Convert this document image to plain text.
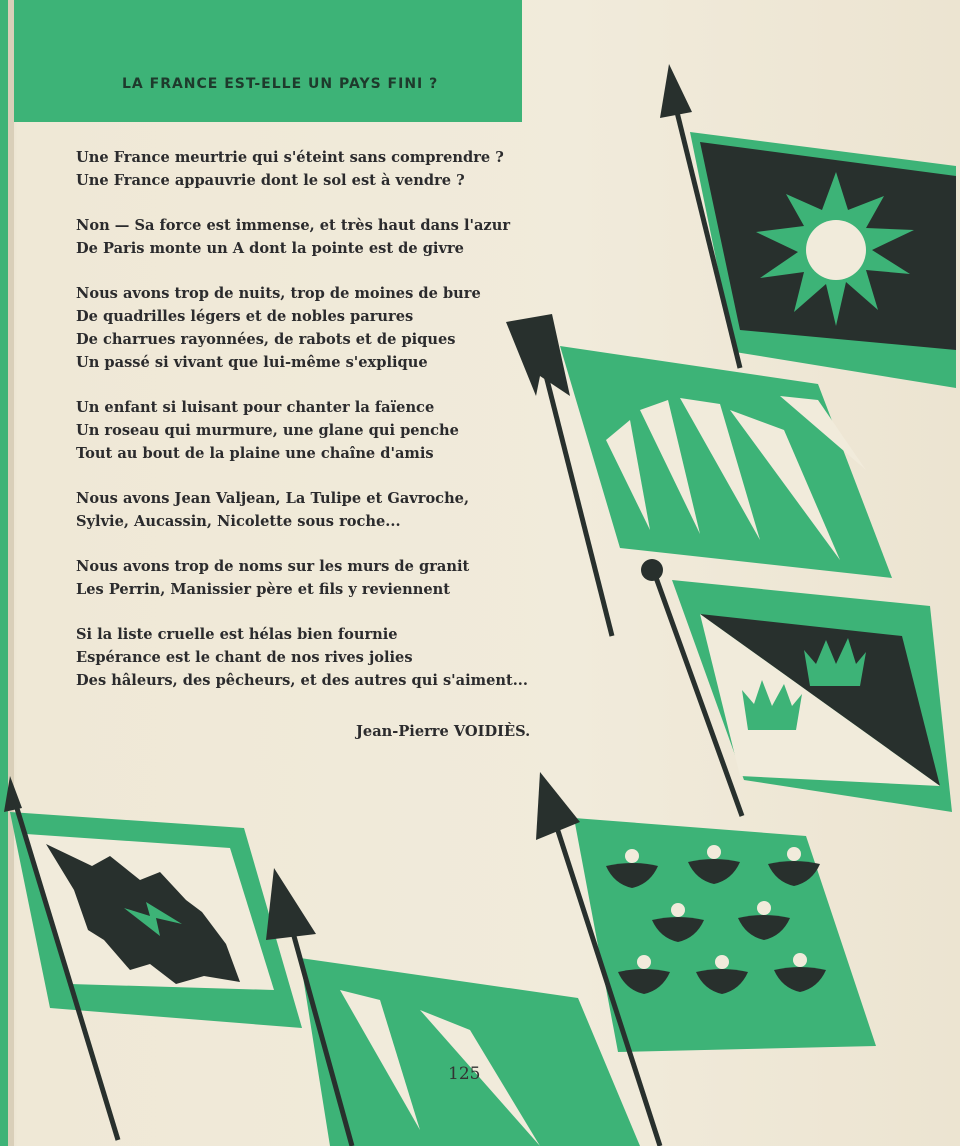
LA FRANCE EST-ELLE UN PAYS FINI ?

Une France meurtrie qui s'éteint sans comprendre ?
Une France appauvrie dont le sol est à vendre ?

Non — Sa force est immense, et très haut dans l'azur
De Paris monte un A dont la pointe est de givre

Nous avons trop de nuits, trop de moines de bure
De quadrilles légers et de nobles parures
De charrues rayonnées, de rabots et de piques
Un passé si vivant que lui-même s'explique

Un enfant si luisant pour chanter la faïence
Un roseau qui murmure, une glane qui penche
Tout au bout de la plaine une chaîne d'amis

Nous avons Jean Valjean, La Tulipe et Gavroche,
Sylvie, Aucassin, Nicolette sous roche...

Nous avons trop de noms sur les murs de granit
Les Perrin, Manissier père et fils y reviennent

Si la liste cruelle est hélas bien fournie
Espérance est le chant de nos rives jolies
Des hâleurs, des pêcheurs, et des autres qui s'aiment...

Jean-Pierre VOIDIÈS.
125
